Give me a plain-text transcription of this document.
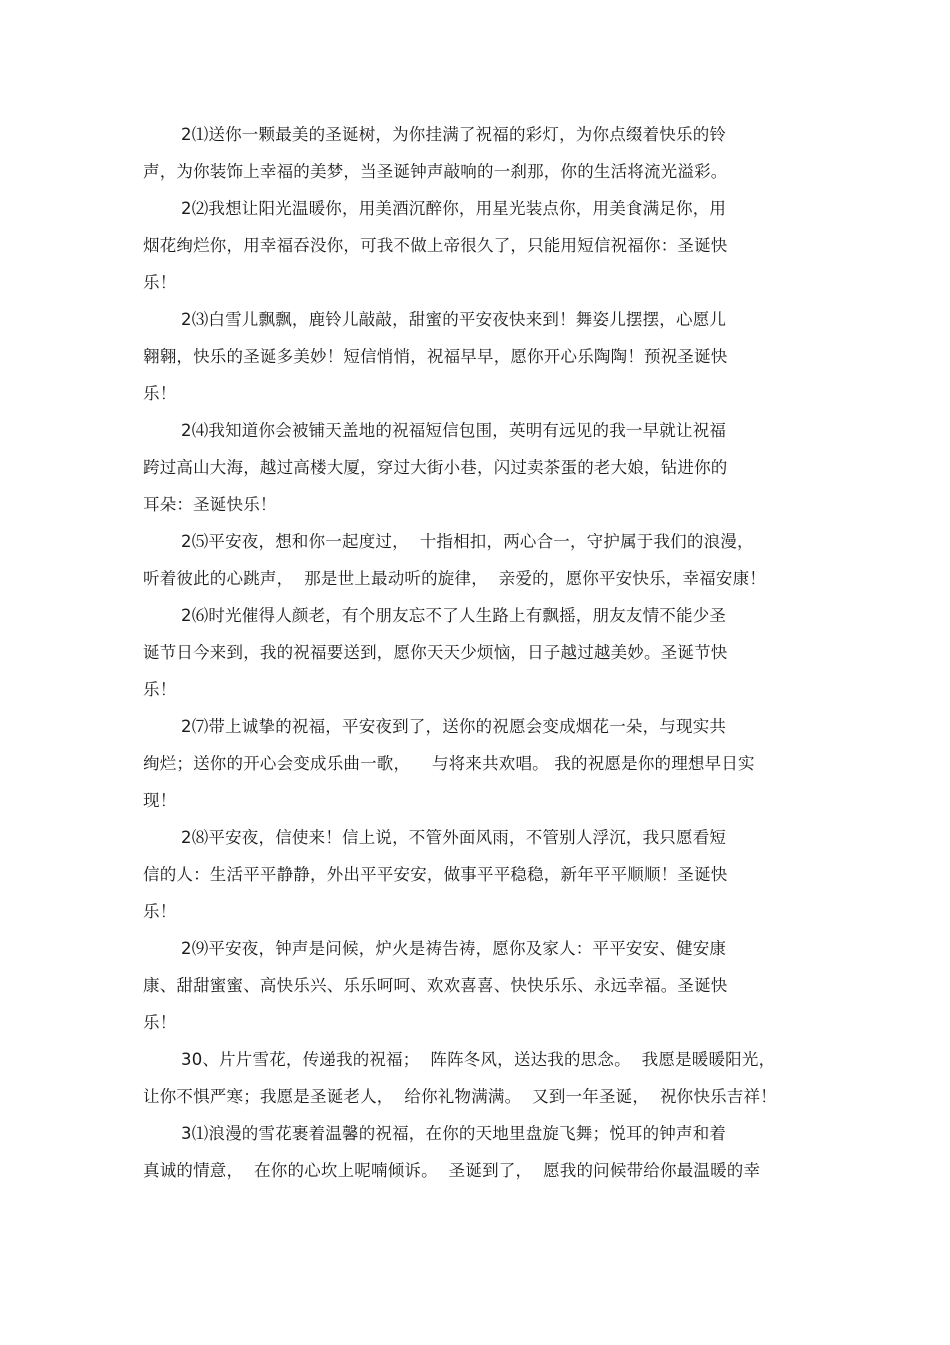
2⑴送你一颗最美的圣诞树，为你挂满了祝福的彩灯，为你点缀着快乐的铃
声，为你装饰上幸福的美梦，当圣诞钟声敲响的一刹那，你的生活将流光溢彩。

2⑵我想让阳光温暖你，用美酒沉醉你，用星光装点你，用美食满足你，用
烟花绚烂你，用幸福吞没你，可我不做上帝很久了，只能用短信祝福你：圣诞快
乐！

2⑶白雪儿飘飘，鹿铃儿敲敲，甜蜜的平安夜快来到！舞姿儿摆摆，心愿儿
翱翱，快乐的圣诞多美妙！短信悄悄，祝福早早，愿你开心乐陶陶！预祝圣诞快
乐！

2⑷我知道你会被铺天盖地的祝福短信包围，英明有远见的我一早就让祝福
跨过高山大海，越过高楼大厦，穿过大街小巷，闪过卖茶蛋的老大娘，钻进你的
耳朵：圣诞快乐！

2⑸平安夜，想和你一起度过，  十指相扣，两心合一，守护属于我们的浪漫，
听着彼此的心跳声，  那是世上最动听的旋律，  亲爱的，愿你平安快乐，幸福安康！

2⑹时光催得人颜老，有个朋友忘不了人生路上有飘摇，朋友友情不能少圣
诞节日今来到，我的祝福要送到，愿你天天少烦恼，日子越过越美妙。圣诞节快
乐！

2⑺带上诚挚的祝福，平安夜到了，送你的祝愿会变成烟花一朵，与现实共
绚烂；送你的开心会变成乐曲一歌，    与将来共欢唱。 我的祝愿是你的理想早日实
现！

2⑻平安夜，信使来！信上说，不管外面风雨，不管别人浮沉，我只愿看短
信的人：生活平平静静，外出平平安安，做事平平稳稳，新年平平顺顺！圣诞快
乐！

2⑼平安夜，钟声是问候，炉火是祷告祷，愿你及家人：平平安安、健安康
康、甜甜蜜蜜、高快乐兴、乐乐呵呵、欢欢喜喜、快快乐乐、永远幸福。圣诞快
乐！

30、片片雪花，传递我的祝福；  阵阵冬风，送达我的思念。  我愿是暖暖阳光，
让你不惧严寒；我愿是圣诞老人，  给你礼物满满。  又到一年圣诞，  祝你快乐吉祥！

3⑴浪漫的雪花裹着温馨的祝福，在你的天地里盘旋飞舞；悦耳的钟声和着
真诚的情意，  在你的心坎上呢喃倾诉。  圣诞到了，  愿我的问候带给你最温暖的幸
